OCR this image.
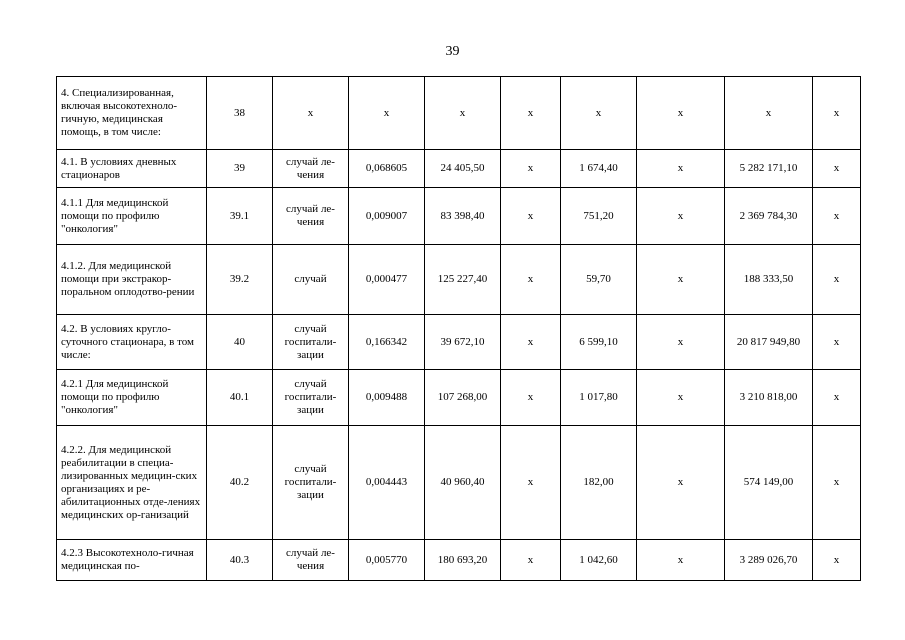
39
4. Специализированная, включая высокотехноло-гичную, медицинская помощь, в том числе:	38	х	х	х	х	х	х	х	х
4.1. В условиях дневных стационаров	39	случай ле-чения	0,068605	24 405,50	х	1 674,40	х	5 282 171,10	х
4.1.1 Для медицинской помощи по профилю "онкология"	39.1	случай ле-чения	0,009007	83 398,40	х	751,20	х	2 369 784,30	х
4.1.2. Для медицинской помощи при экстракор-поральном оплодотво-рении	39.2	случай	0,000477	125 227,40	х	59,70	х	188 333,50	х
4.2. В условиях кругло-суточного стационара, в том числе:	40	случай госпитали-зации	0,166342	39 672,10	х	6 599,10	х	20 817 949,80	х
4.2.1 Для медицинской помощи по профилю "онкология"	40.1	случай госпитали-зации	0,009488	107 268,00	х	1 017,80	х	3 210 818,00	х
4.2.2. Для медицинской реабилитации в специа-лизированных медицин-ских организациях и ре-абилитационных отде-лениях медицинских ор-ганизаций	40.2	случай госпитали-зации	0,004443	40 960,40	х	182,00	х	574 149,00	х
4.2.3 Высокотехноло-гичная медицинская по-	40.3	случай ле-чения	0,005770	180 693,20	х	1 042,60	х	3 289 026,70	х
